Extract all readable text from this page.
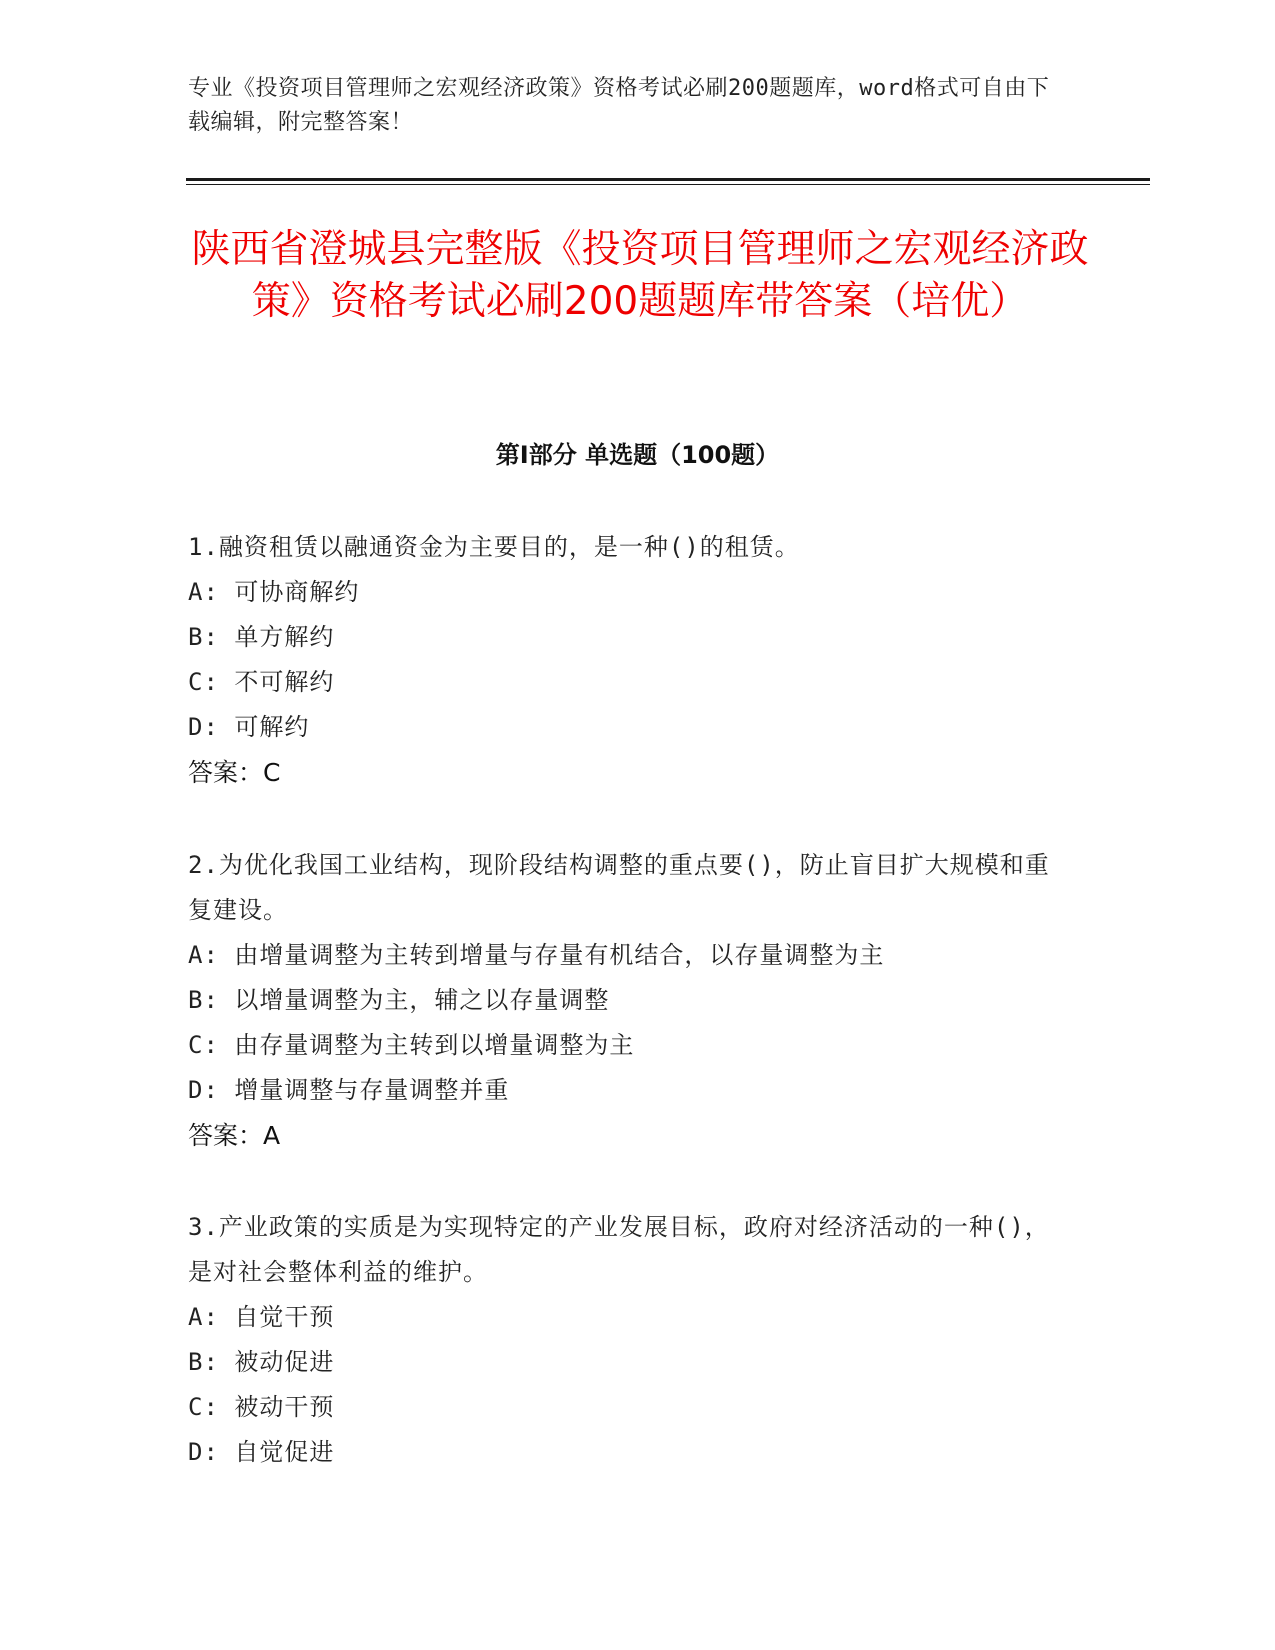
专业《投资项目管理师之宏观经济政策》资格考试必刷200题题库，word格式可自由下载编辑，附完整答案！
陕西省澄城县完整版《投资项目管理师之宏观经济政策》资格考试必刷200题题库带答案（培优）
第I部分 单选题（100题）
1.融资租赁以融通资金为主要目的，是一种()的租赁。
A: 可协商解约
B: 单方解约
C: 不可解约
D: 可解约
答案：C
2.为优化我国工业结构，现阶段结构调整的重点要()，防止盲目扩大规模和重复建设。
A: 由增量调整为主转到增量与存量有机结合，以存量调整为主
B: 以增量调整为主，辅之以存量调整
C: 由存量调整为主转到以增量调整为主
D: 增量调整与存量调整并重
答案：A
3.产业政策的实质是为实现特定的产业发展目标，政府对经济活动的一种()，是对社会整体利益的维护。
A: 自觉干预
B: 被动促进
C: 被动干预
D: 自觉促进
